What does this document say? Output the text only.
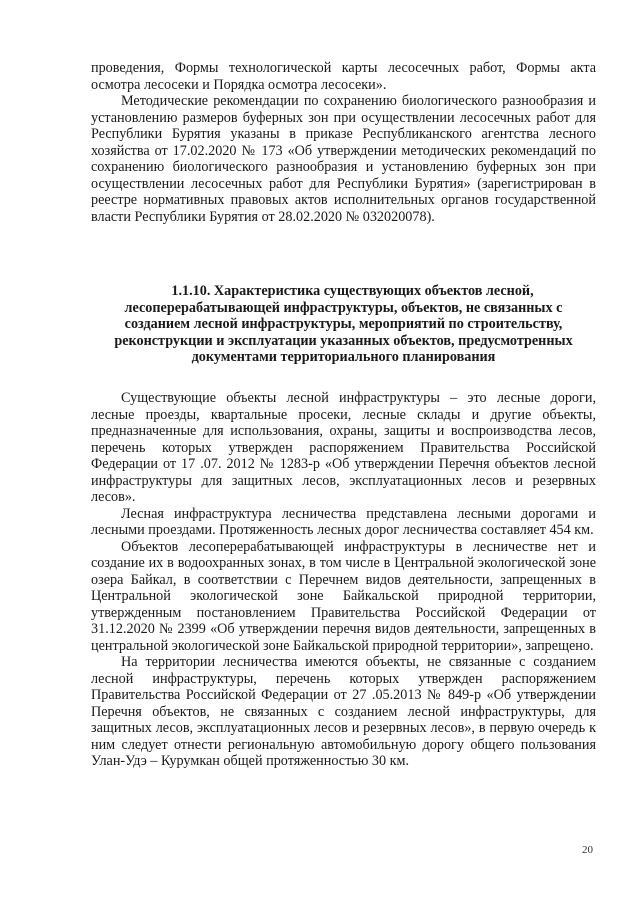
проведения, Формы технологической карты лесосечных работ, Формы акта осмотра лесосеки и Порядка осмотра лесосеки».

Методические рекомендации по сохранению биологического разнообразия и установлению размеров буферных зон при осуществлении лесосечных работ для Республики Бурятия указаны в приказе Республиканского агентства лесного хозяйства от 17.02.2020 № 173 «Об утверждении методических рекомендаций по сохранению биологического разнообразия и установлению буферных зон при осуществлении лесосечных работ для Республики Бурятия» (зарегистрирован в реестре нормативных правовых актов исполнительных органов государственной власти Республики Бурятия от 28.02.2020 № 032020078).

1.1.10. Характеристика существующих объектов лесной, лесоперерабатывающей инфраструктуры, объектов, не связанных с созданием лесной инфраструктуры, мероприятий по строительству, реконструкции и эксплуатации указанных объектов, предусмотренных документами территориального планирования

Существующие объекты лесной инфраструктуры – это лесные дороги, лесные проезды, квартальные просеки, лесные склады и другие объекты, предназначенные для использования, охраны, защиты и воспроизводства лесов, перечень которых утвержден распоряжением Правительства Российской Федерации от 17 .07. 2012 № 1283-р «Об утверждении Перечня объектов лесной инфраструктуры для защитных лесов, эксплуатационных лесов и резервных лесов».

Лесная инфраструктура лесничества представлена лесными дорогами и лесными проездами. Протяженность лесных дорог лесничества составляет 454 км.

Объектов лесоперерабатывающей инфраструктуры в лесничестве нет и создание их в водоохранных зонах, в том числе в Центральной экологической зоне озера Байкал, в соответствии с Перечнем видов деятельности, запрещенных в Центральной экологической зоне Байкальской природной территории, утвержденным постановлением Правительства Российской Федерации от 31.12.2020 № 2399 «Об утверждении перечня видов деятельности, запрещенных в центральной экологической зоне Байкальской природной территории», запрещено.

На территории лесничества имеются объекты, не связанные с созданием лесной инфраструктуры, перечень которых утвержден распоряжением Правительства Российской Федерации от 27 .05.2013 № 849-р «Об утверждении Перечня объектов, не связанных с созданием лесной инфраструктуры, для защитных лесов, эксплуатационных лесов и резервных лесов», в первую очередь к ним следует отнести региональную автомобильную дорогу общего пользования Улан-Удэ – Курумкан общей протяженностью 30 км.

20
